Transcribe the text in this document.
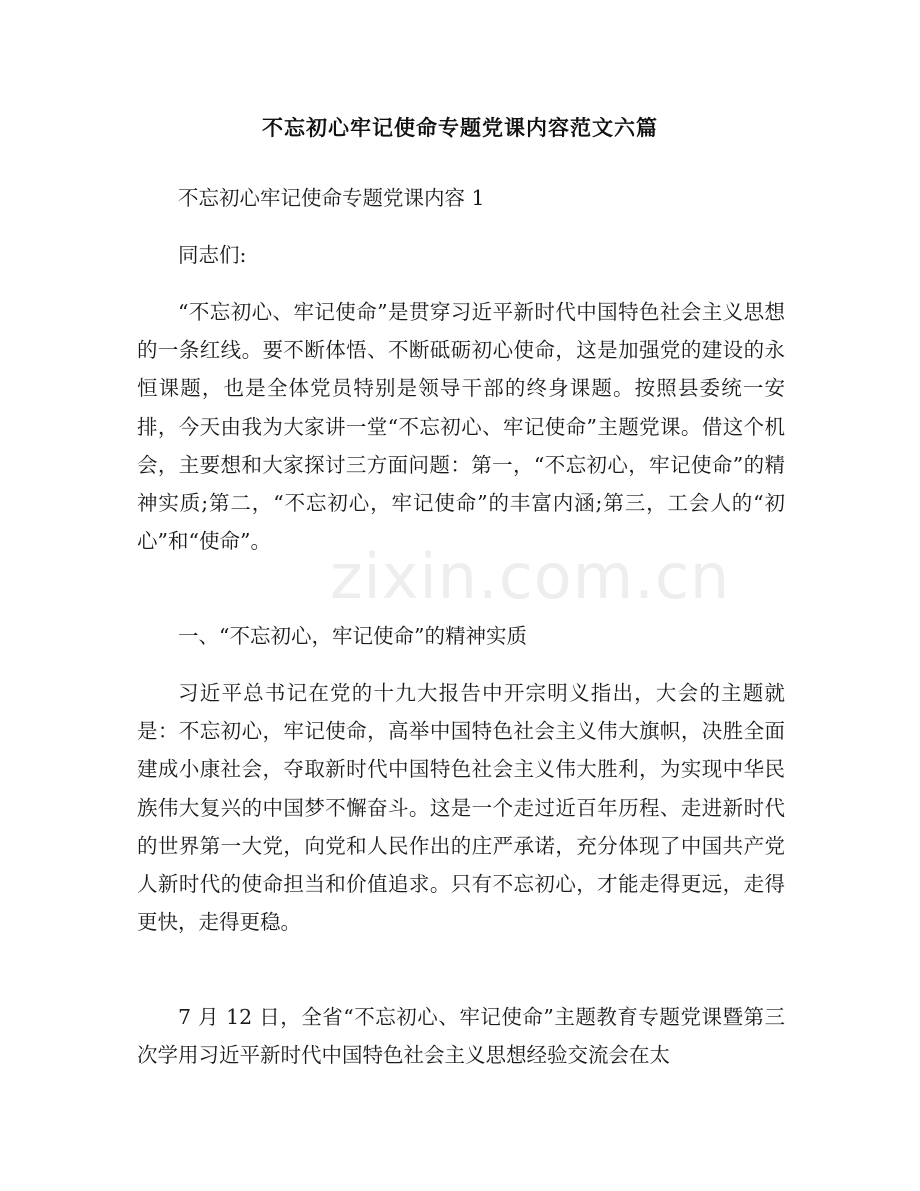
zixin.com.cn
不忘初心牢记使命专题党课内容范文六篇
不忘初心牢记使命专题党课内容 1
同志们:
“不忘初心、牢记使命”是贯穿习近平新时代中国特色社会主义思想的一条红线。要不断体悟、不断砥砺初心使命，这是加强党的建设的永恒课题，也是全体党员特别是领导干部的终身课题。按照县委统一安排，今天由我为大家讲一堂“不忘初心、牢记使命”主题党课。借这个机会，主要想和大家探讨三方面问题：第一，“不忘初心，牢记使命”的精神实质;第二，“不忘初心，牢记使命”的丰富内涵;第三，工会人的“初心”和“使命”。
一、“不忘初心，牢记使命”的精神实质
习近平总书记在党的十九大报告中开宗明义指出，大会的主题就是：不忘初心，牢记使命，高举中国特色社会主义伟大旗帜，决胜全面建成小康社会，夺取新时代中国特色社会主义伟大胜利，为实现中华民族伟大复兴的中国梦不懈奋斗。这是一个走过近百年历程、走进新时代的世界第一大党，向党和人民作出的庄严承诺，充分体现了中国共产党人新时代的使命担当和价值追求。只有不忘初心，才能走得更远，走得更快，走得更稳。
7 月 12 日，全省“不忘初心、牢记使命”主题教育专题党课暨第三次学用习近平新时代中国特色社会主义思想经验交流会在太
